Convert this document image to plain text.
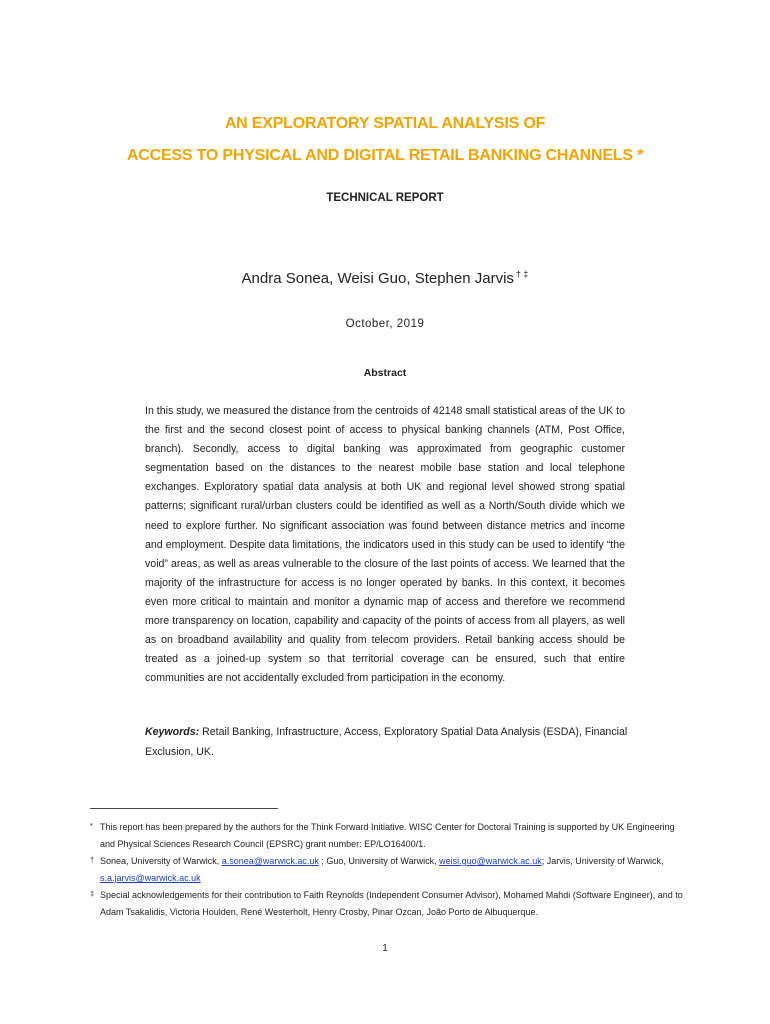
AN EXPLORATORY SPATIAL ANALYSIS OF
ACCESS TO PHYSICAL AND DIGITAL RETAIL BANKING CHANNELS *
TECHNICAL REPORT
Andra Sonea, Weisi Guo, Stephen Jarvis † ‡
October, 2019
Abstract
In this study, we measured the distance from the centroids of 42148 small statistical areas of the UK to the first and the second closest point of access to physical banking channels (ATM, Post Office, branch). Secondly, access to digital banking was approximated from geographic customer segmentation based on the distances to the nearest mobile base station and local telephone exchanges. Exploratory spatial data analysis at both UK and regional level showed strong spatial patterns; significant rural/urban clusters could be identified as well as a North/South divide which we need to explore further. No significant association was found between distance metrics and income and employment. Despite data limitations, the indicators used in this study can be used to identify “the void” areas, as well as areas vulnerable to the closure of the last points of access. We learned that the majority of the infrastructure for access is no longer operated by banks. In this context, it becomes even more critical to maintain and monitor a dynamic map of access and therefore we recommend more transparency on location, capability and capacity of the points of access from all players, as well as on broadband availability and quality from telecom providers. Retail banking access should be treated as a joined-up system so that territorial coverage can be ensured, such that entire communities are not accidentally excluded from participation in the economy.
Keywords: Retail Banking, Infrastructure, Access, Exploratory Spatial Data Analysis (ESDA), Financial Exclusion, UK.
* This report has been prepared by the authors for the Think Forward Initiative. WISC Center for Doctoral Training is supported by UK Engineering and Physical Sciences Research Council (EPSRC) grant number: EP/LO16400/1.
† Sonea, University of Warwick, a.sonea@warwick.ac.uk ; Guo, University of Warwick, weisi.guo@warwick.ac.uk; Jarvis, University of Warwick, s.a.jarvis@warwick.ac.uk
‡ Special acknowledgements for their contribution to Faith Reynolds (Independent Consumer Advisor), Mohamed Mahdi (Software Engineer), and to Adam Tsakalidis, Victoria Houlden, René Westerholt, Henry Crosby, Pinar Ozcan, João Porto de Albuquerque.
1
